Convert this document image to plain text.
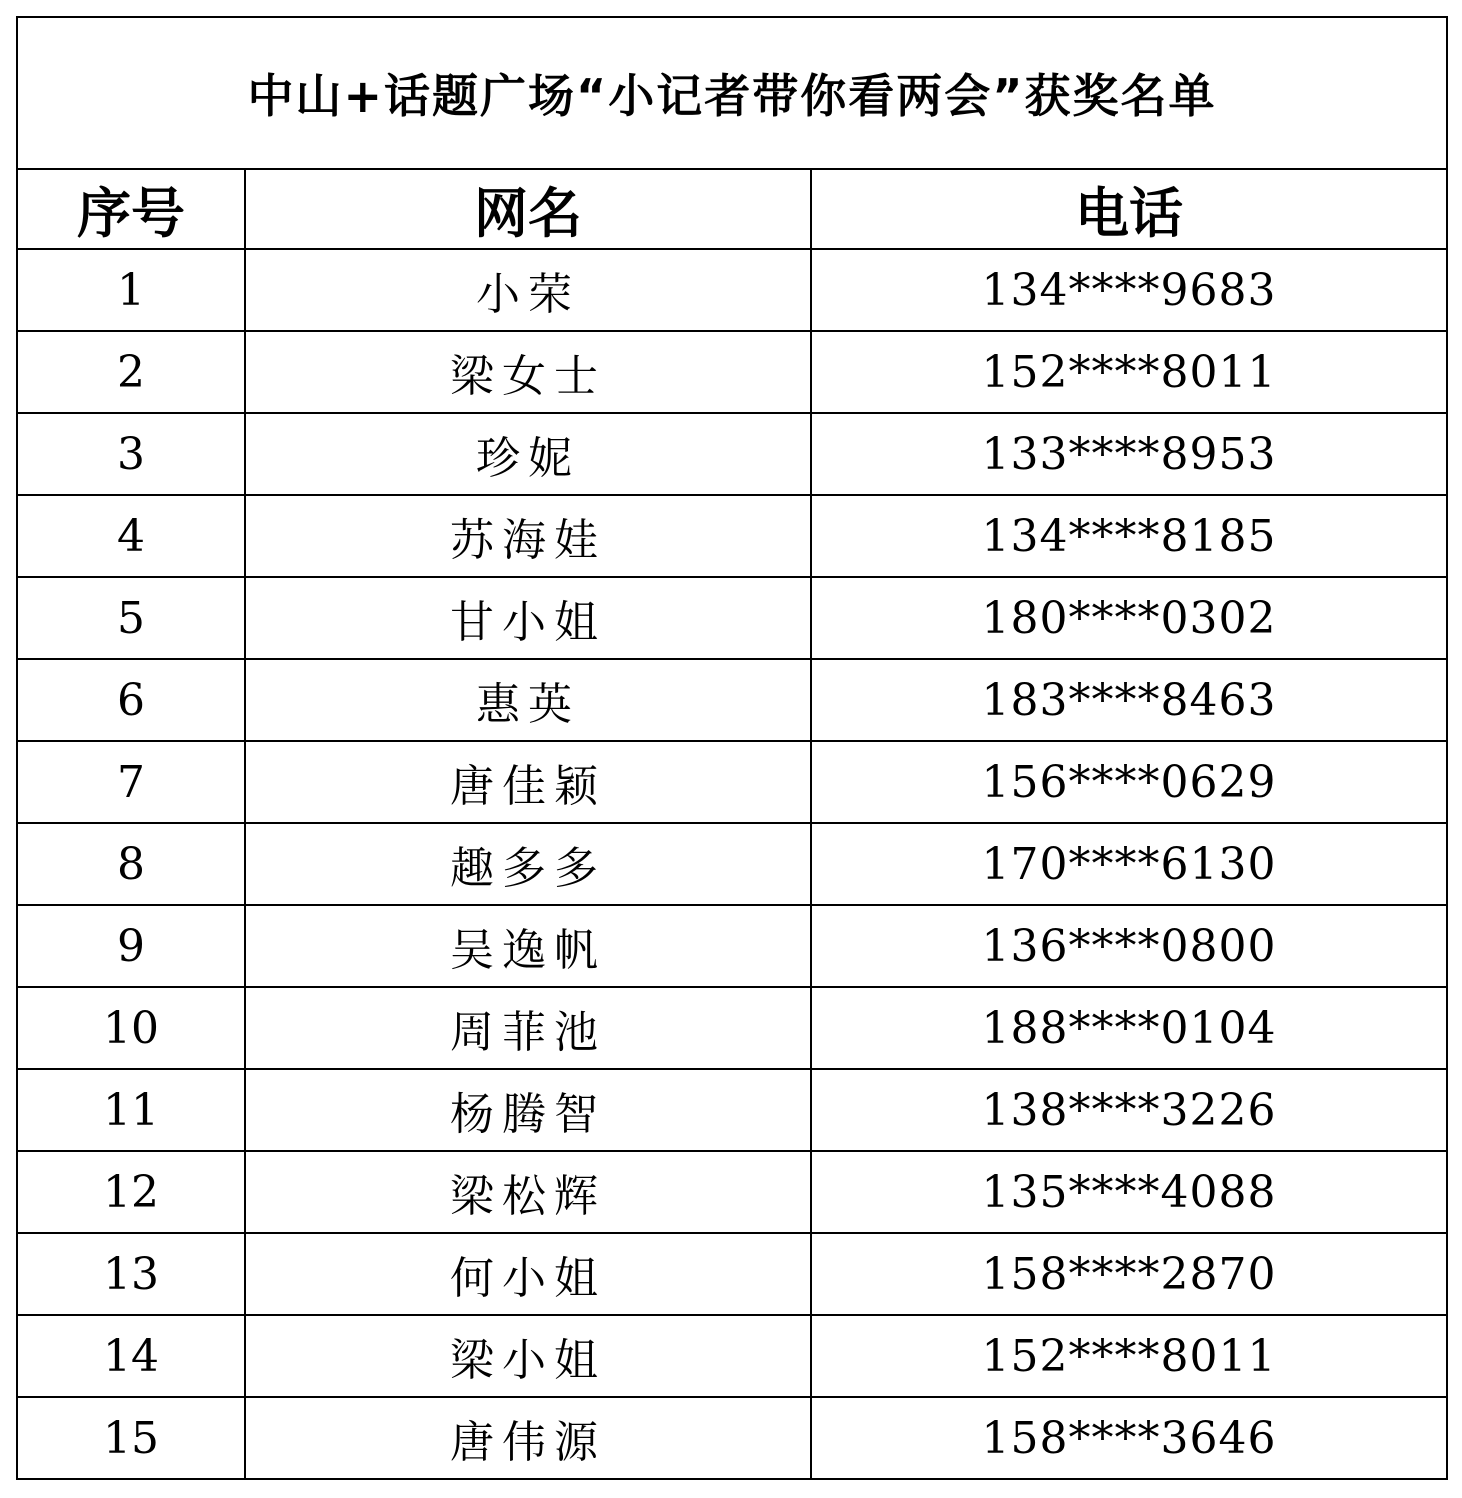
中山+话题广场“小记者带你看两会”获奖名单		
序号	网名	电话
1	小荣	134****9683
2	梁女士	152****8011
3	珍妮	133****8953
4	苏海娃	134****8185
5	甘小姐	180****0302
6	惠英	183****8463
7	唐佳颖	156****0629
8	趣多多	170****6130
9	吴逸帆	136****0800
10	周菲池	188****0104
11	杨腾智	138****3226
12	梁松辉	135****4088
13	何小姐	158****2870
14	梁小姐	152****8011
15	唐伟源	158****3646
